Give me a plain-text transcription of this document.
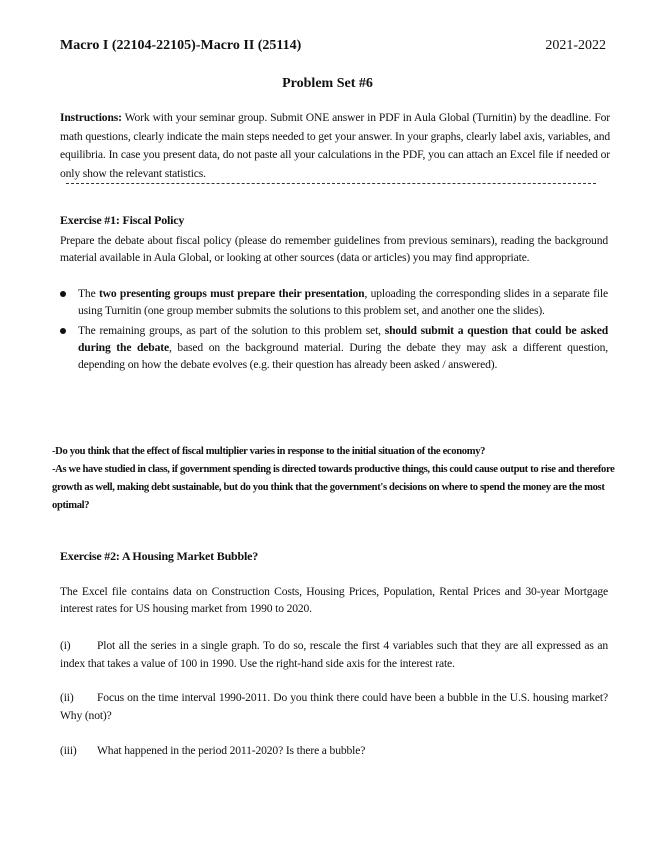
Macro I (22104-22105)-Macro II (25114)	2021-2022
Problem Set #6
Instructions: Work with your seminar group. Submit ONE answer in PDF in Aula Global (Turnitin) by the deadline. For math questions, clearly indicate the main steps needed to get your answer. In your graphs, clearly label axis, variables, and equilibria. In case you present data, do not paste all your calculations in the PDF, you can attach an Excel file if needed or only show the relevant statistics.
Exercise #1: Fiscal Policy
Prepare the debate about fiscal policy (please do remember guidelines from previous seminars), reading the background material available in Aula Global, or looking at other sources (data or articles) you may find appropriate.
The two presenting groups must prepare their presentation, uploading the corresponding slides in a separate file using Turnitin (one group member submits the solutions to this problem set, and another one the slides).
The remaining groups, as part of the solution to this problem set, should submit a question that could be asked during the debate, based on the background material. During the debate they may ask a different question, depending on how the debate evolves (e.g. their question has already been asked / answered).
-Do you think that the effect of fiscal multiplier varies in response to the initial situation of the economy?
-As we have studied in class, if government spending is directed towards productive things, this could cause output to rise and therefore growth as well, making debt sustainable, but do you think that the government's decisions on where to spend the money are the most optimal?
Exercise #2: A Housing Market Bubble?
The Excel file contains data on Construction Costs, Housing Prices, Population, Rental Prices and 30-year Mortgage interest rates for US housing market from 1990 to 2020.
(i) Plot all the series in a single graph. To do so, rescale the first 4 variables such that they are all expressed as an index that takes a value of 100 in 1990. Use the right-hand side axis for the interest rate.
(ii) Focus on the time interval 1990-2011. Do you think there could have been a bubble in the U.S. housing market? Why (not)?
(iii) What happened in the period 2011-2020? Is there a bubble?
